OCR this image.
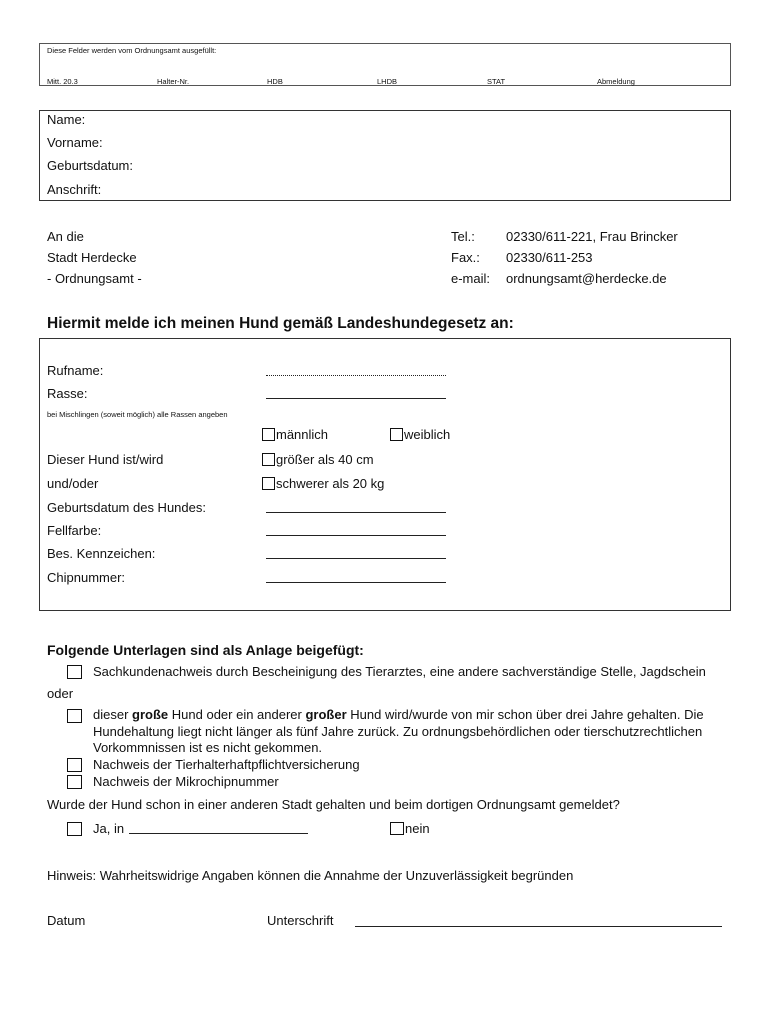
Diese Felder werden vom Ordnungsamt ausgefüllt:
Mitt. 20.3	Halter-Nr.	HDB	LHDB	STAT	Abmeldung
Name:
Vorname:
Geburtsdatum:
Anschrift:
An die
Stadt Herdecke
- Ordnungsamt -
Tel.: 02330/611-221, Frau Brincker
Fax.: 02330/611-253
e-mail: ordnungsamt@herdecke.de
Hiermit melde ich meinen Hund gemäß Landeshundegesetz an:
Rufname:
Rasse:
bei Mischlingen (soweit möglich) alle Rassen angeben
männlich	weiblich
Dieser Hund ist/wird	größer als 40 cm
und/oder	schwerer als 20 kg
Geburtsdatum des Hundes:
Fellfarbe:
Bes. Kennzeichen:
Chipnummer:
Folgende Unterlagen sind als Anlage beigefügt:
Sachkundenachweis durch Bescheinigung des Tierarztes, eine andere sachverständige Stelle, Jagdschein
oder
dieser große Hund oder ein anderer großer Hund wird/wurde von mir schon über drei Jahre gehalten. Die Hundehaltung liegt nicht länger als fünf Jahre zurück. Zu ordnungsbehördlichen oder tierschutzrechtlichen Vorkommnissen ist es nicht gekommen.
Nachweis der Tierhalterhaftpflichtversicherung
Nachweis der Mikrochipnummer
Wurde der Hund schon in einer anderen Stadt gehalten und beim dortigen Ordnungsamt gemeldet?
Ja, in	nein
Hinweis: Wahrheitswidrige Angaben können die Annahme der Unzuverlässigkeit begründen
Datum	Unterschrift
